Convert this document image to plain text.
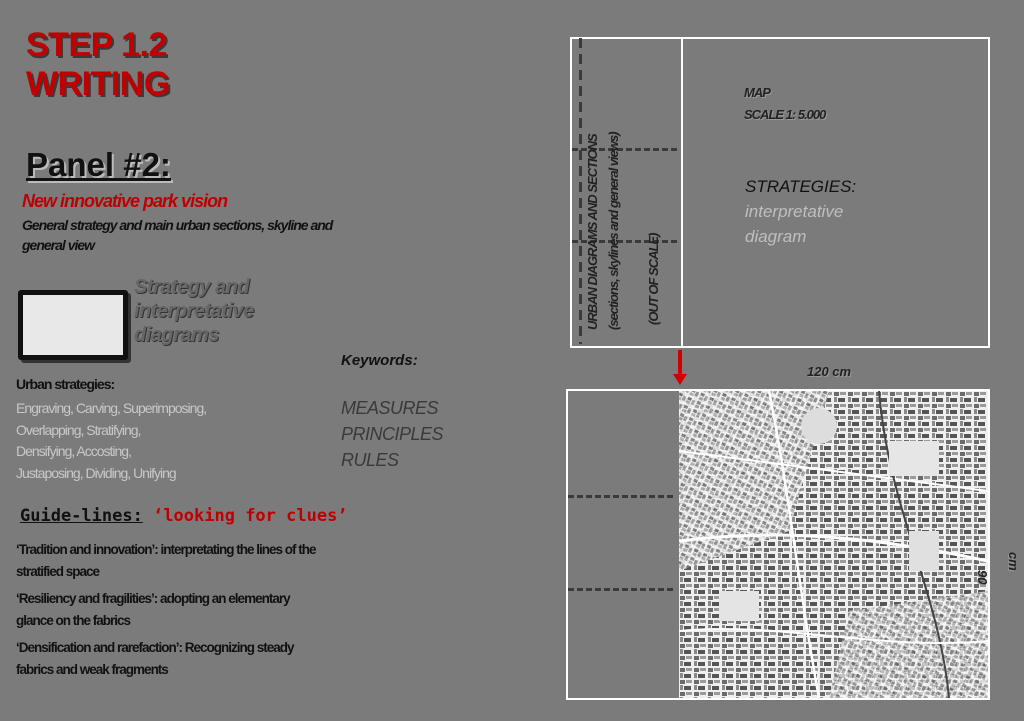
STEP 1.2
WRITING
Panel #2:
New innovative park vision
General strategy and main urban sections, skyline and general view
Strategy and
interpretative
diagrams
Keywords:
MEASURES
PRINCIPLES
RULES
Urban strategies:
Engraving, Carving, Superimposing,
Overlapping, Stratifying,
Densifying, Accosting,
Justaposing, Dividing, Unifying
Guide-lines: ‘looking for clues’

‘Tradition and innovation’: interpretating the lines of the stratified space

‘Resiliency and fragilities’: adopting an elementary glance on the fabrics

‘Densification and rarefaction’: Recognizing steady fabrics and weak fragments

URBAN DIAGRAMS AND SECTIONS (sections, skylines and general views) (OUT OF SCALE)
MAP
SCALE 1: 5.000
STRATEGIES:
interpretative
diagram
120 cm
90
cm
